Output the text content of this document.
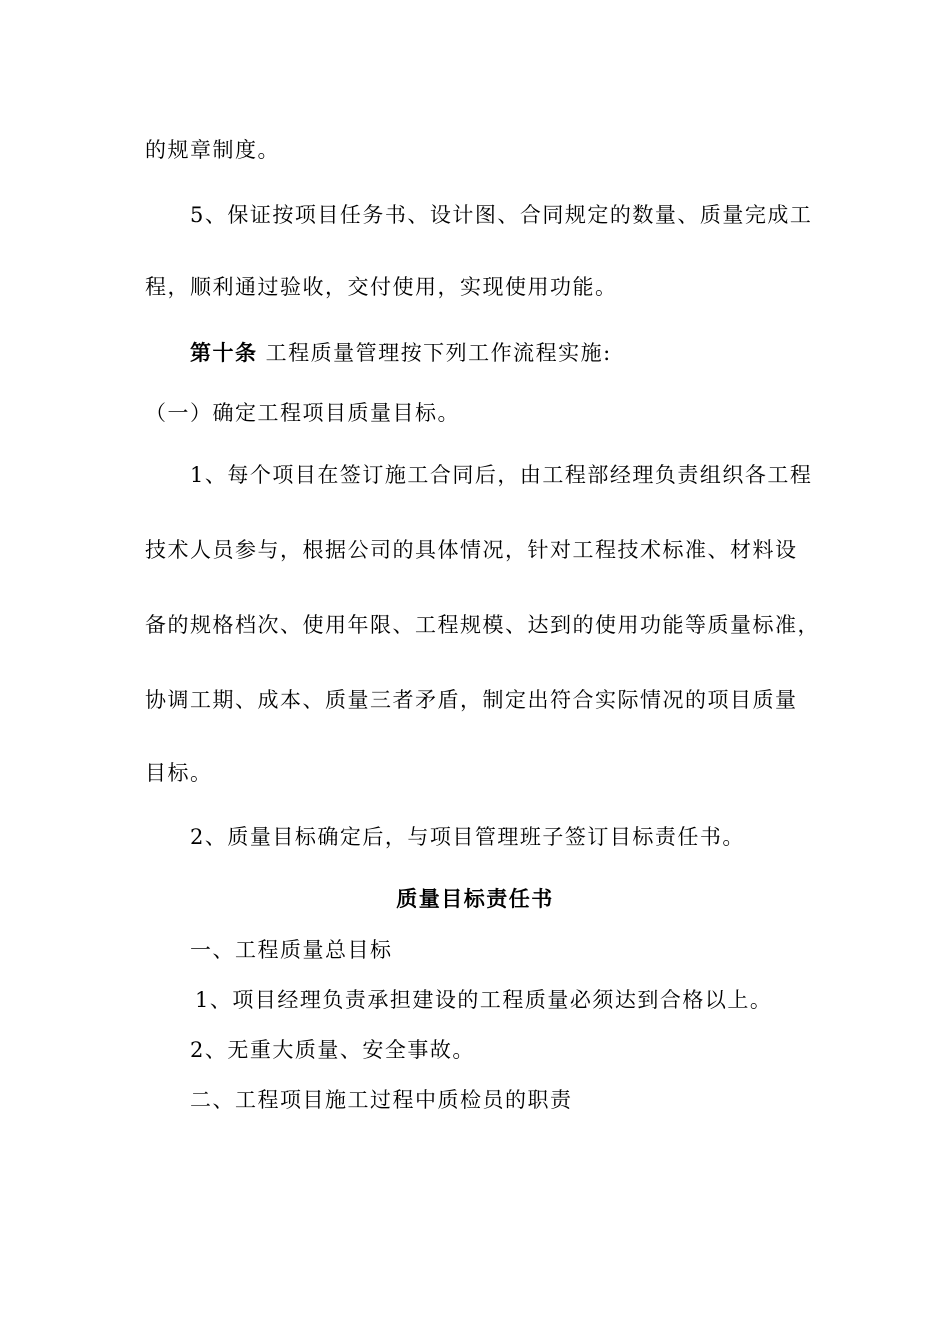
的规章制度。
5、保证按项目任务书、设计图、合同规定的数量、质量完成工
程，顺利通过验收，交付使用，实现使用功能。
第十条 工程质量管理按下列工作流程实施:
（一）确定工程项目质量目标。
1、每个项目在签订施工合同后，由工程部经理负责组织各工程
技术人员参与，根据公司的具体情况，针对工程技术标准、材料设
备的规格档次、使用年限、工程规模、达到的使用功能等质量标准，
协调工期、成本、质量三者矛盾，制定出符合实际情况的项目质量
目标。
2、质量目标确定后，与项目管理班子签订目标责任书。
质量目标责任书
一、工程质量总目标
1、项目经理负责承担建设的工程质量必须达到合格以上。
2、无重大质量、安全事故。
二、工程项目施工过程中质检员的职责
